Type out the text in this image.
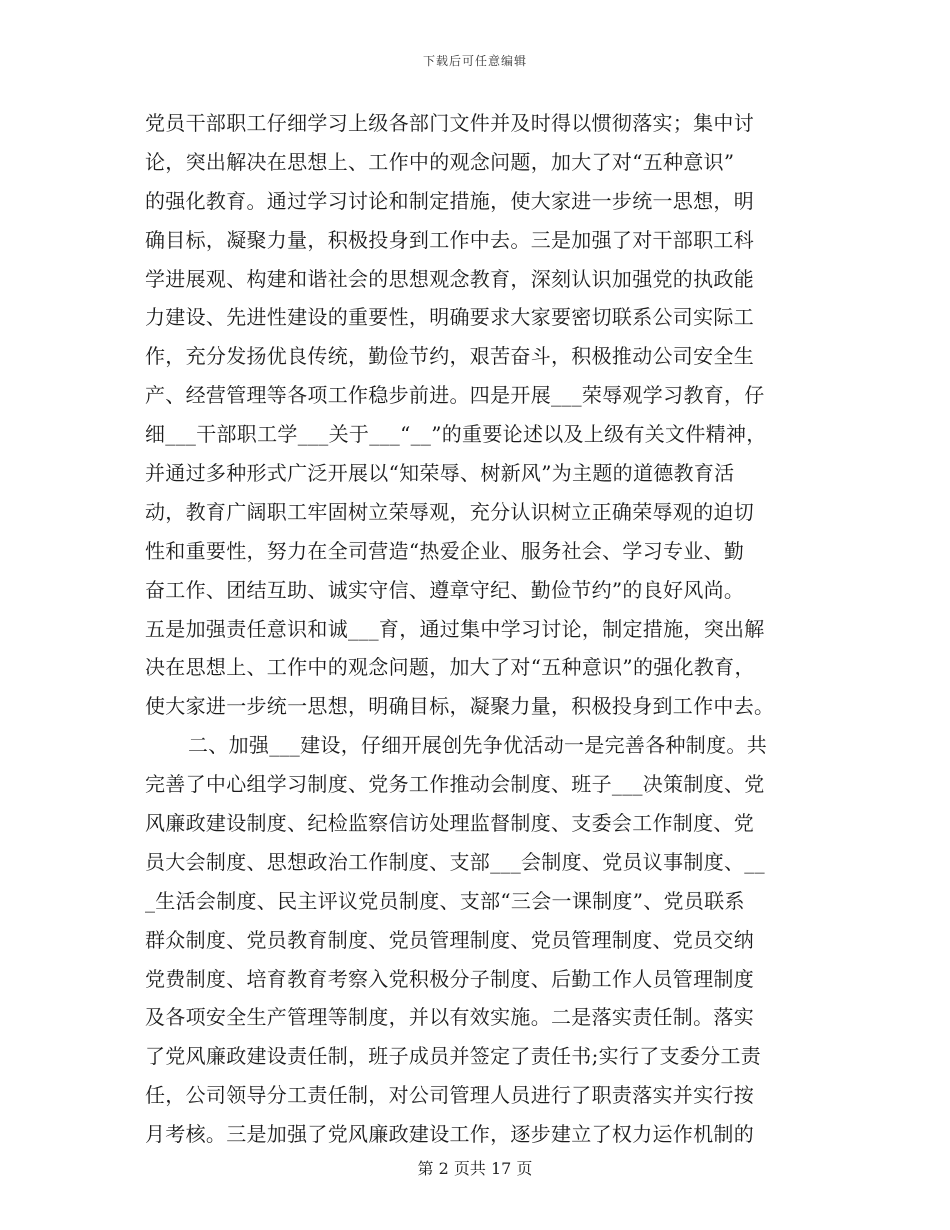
下载后可任意编辑
党员干部职工仔细学习上级各部门文件并及时得以惯彻落实；集中讨
论，突出解决在思想上、工作中的观念问题，加大了对“五种意识”
的强化教育。通过学习讨论和制定措施，使大家进一步统一思想，明
确目标，凝聚力量，积极投身到工作中去。三是加强了对干部职工科
学进展观、构建和谐社会的思想观念教育，深刻认识加强党的执政能
力建设、先进性建设的重要性，明确要求大家要密切联系公司实际工
作，充分发扬优良传统，勤俭节约，艰苦奋斗，积极推动公司安全生
产、经营管理等各项工作稳步前进。四是开展___荣辱观学习教育，仔
细___干部职工学___关于___“__”的重要论述以及上级有关文件精神，
并通过多种形式广泛开展以“知荣辱、树新风”为主题的道德教育活
动，教育广阔职工牢固树立荣辱观，充分认识树立正确荣辱观的迫切
性和重要性，努力在全司营造“热爱企业、服务社会、学习专业、勤
奋工作、团结互助、诚实守信、遵章守纪、勤俭节约”的良好风尚。
五是加强责任意识和诚___育，通过集中学习讨论，制定措施，突出解
决在思想上、工作中的观念问题，加大了对“五种意识”的强化教育，
使大家进一步统一思想，明确目标，凝聚力量，积极投身到工作中去。
二、加强___建设，仔细开展创先争优活动一是完善各种制度。共
完善了中心组学习制度、党务工作推动会制度、班子___决策制度、党
风廉政建设制度、纪检监察信访处理监督制度、支委会工作制度、党
员大会制度、思想政治工作制度、支部___会制度、党员议事制度、__
_生活会制度、民主评议党员制度、支部“三会一课制度”、党员联系
群众制度、党员教育制度、党员管理制度、党员管理制度、党员交纳
党费制度、培育教育考察入党积极分子制度、后勤工作人员管理制度
及各项安全生产管理等制度，并以有效实施。二是落实责任制。落实
了党风廉政建设责任制，班子成员并签定了责任书;实行了支委分工责
任，公司领导分工责任制，对公司管理人员进行了职责落实并实行按
月考核。三是加强了党风廉政建设工作，逐步建立了权力运作机制的
第 2 页共 17 页
